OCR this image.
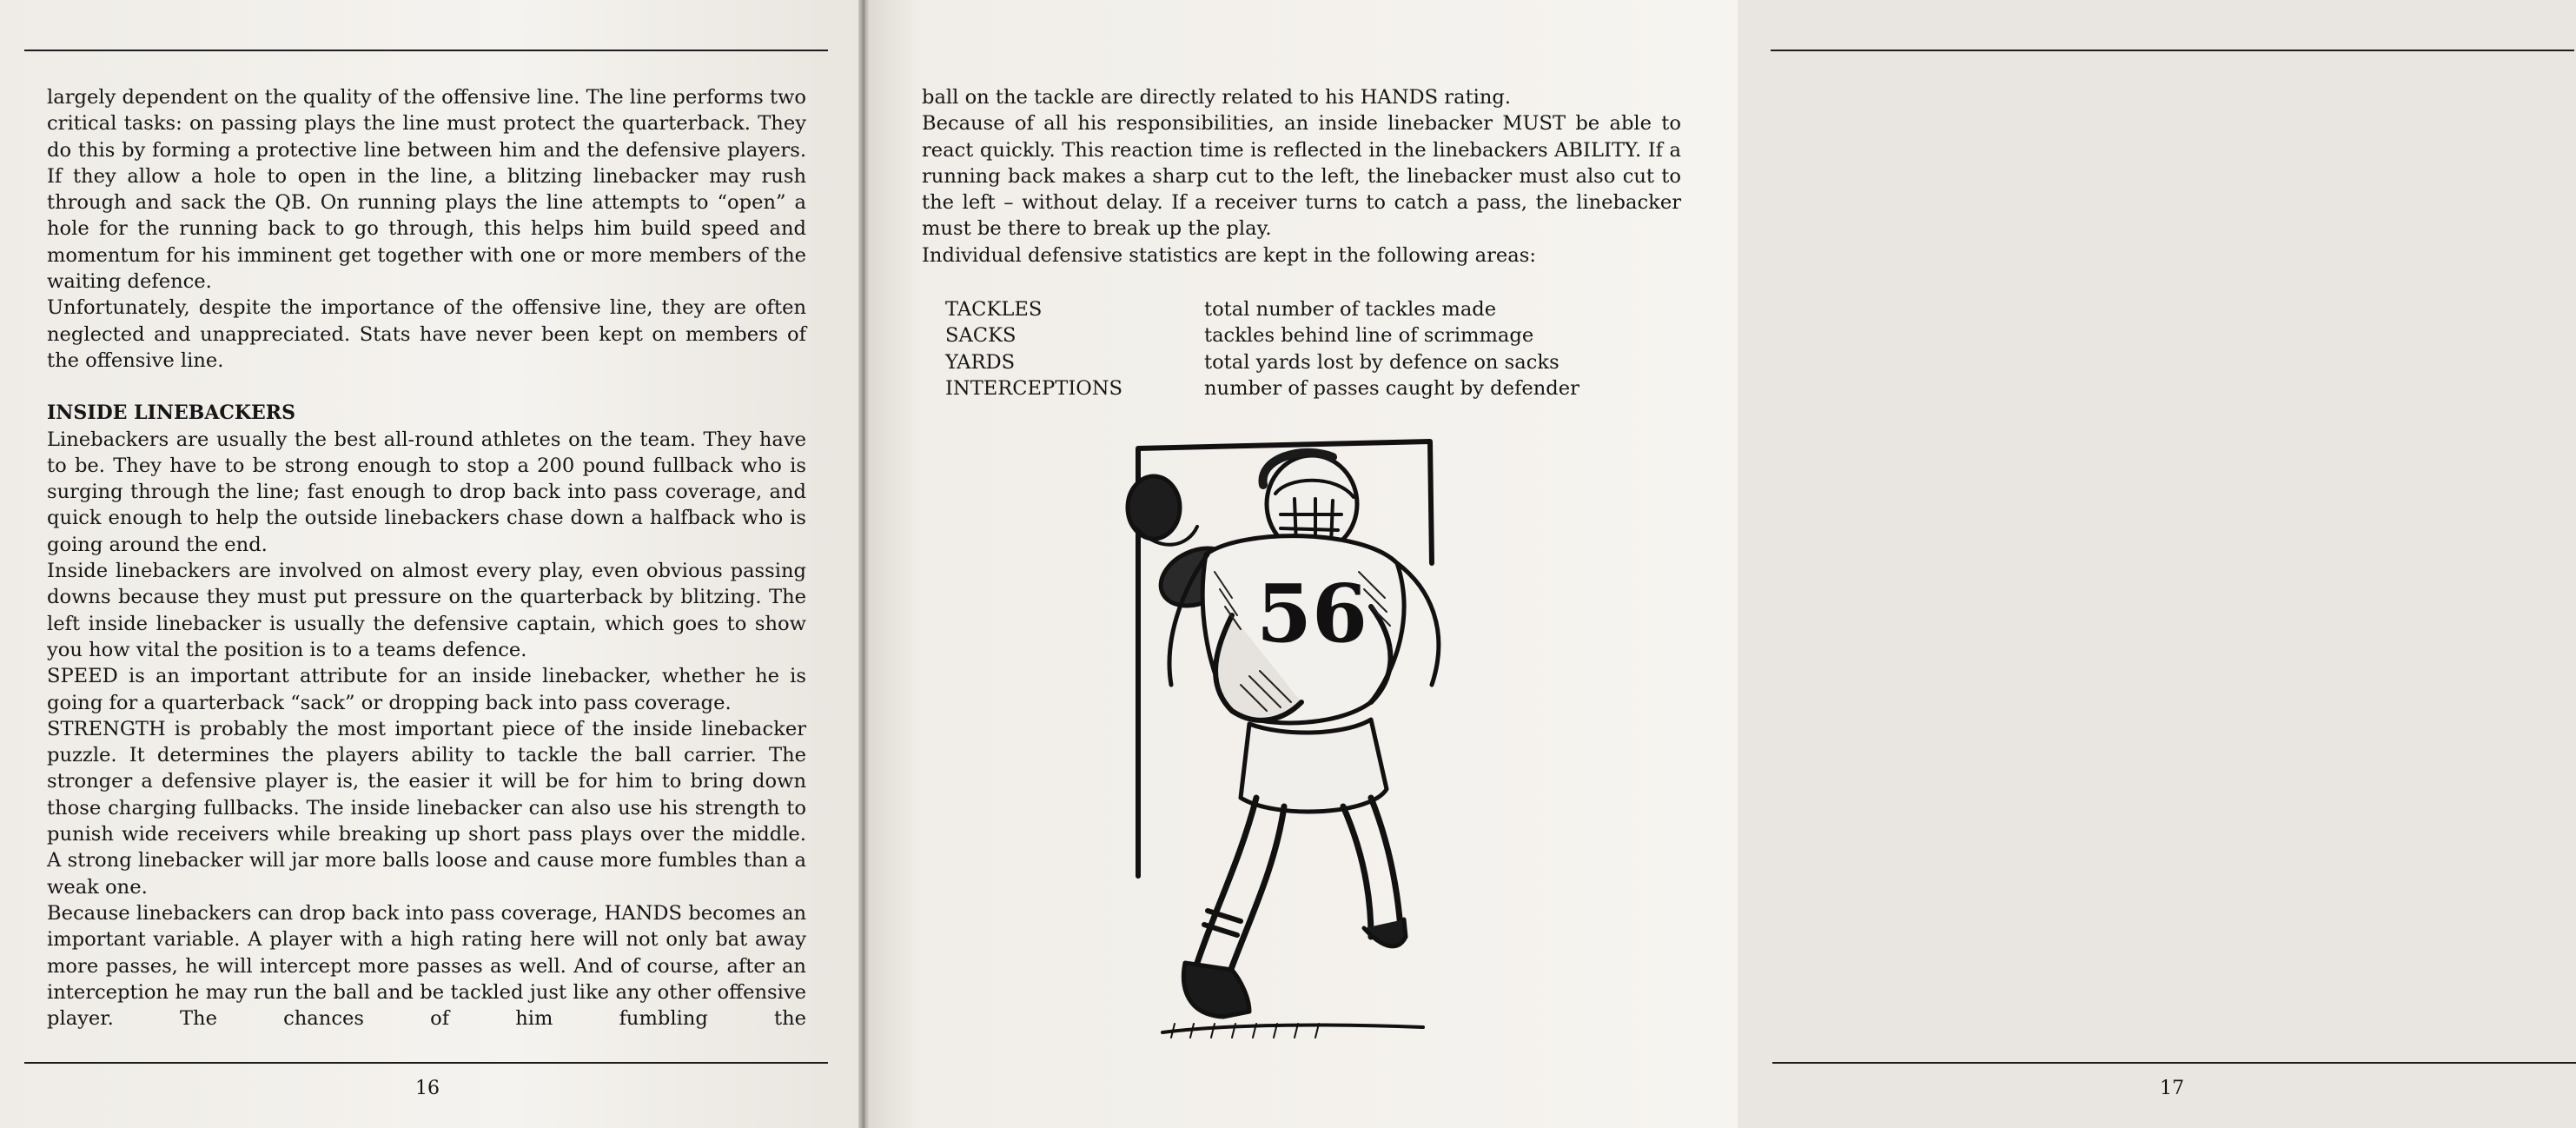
largely dependent on the quality of the offensive line. The line performs two critical tasks: on passing plays the line must protect the quarterback. They do this by forming a protective line between him and the defensive players. If they allow a hole to open in the line, a blitzing linebacker may rush through and sack the QB. On running plays the line attempts to “open” a hole for the running back to go through, this helps him build speed and momentum for his imminent get together with one or more members of the waiting defence.

Unfortunately, despite the importance of the offensive line, they are often neglected and unappreciated. Stats have never been kept on members of the offensive line.

INSIDE LINEBACKERS

Linebackers are usually the best all-round athletes on the team. They have to be. They have to be strong enough to stop a 200 pound fullback who is surging through the line; fast enough to drop back into pass coverage, and quick enough to help the outside linebackers chase down a halfback who is going around the end.

Inside linebackers are involved on almost every play, even obvious passing downs because they must put pressure on the quarterback by blitzing. The left inside linebacker is usually the defensive captain, which goes to show you how vital the position is to a teams defence.

SPEED is an important attribute for an inside linebacker, whether he is going for a quarterback “sack” or dropping back into pass coverage.

STRENGTH is probably the most important piece of the inside linebacker puzzle. It determines the players ability to tackle the ball carrier. The stronger a defensive player is, the easier it will be for him to bring down those charging fullbacks. The inside linebacker can also use his strength to punish wide receivers while breaking up short pass plays over the middle. A strong linebacker will jar more balls loose and cause more fumbles than a weak one.

Because linebackers can drop back into pass coverage, HANDS becomes an important variable. A player with a high rating here will not only bat away more passes, he will intercept more passes as well. And of course, after an interception he may run the ball and be tackled just like any other offensive player. The chances of him fumbling the

16	17

ball on the tackle are directly related to his HANDS rating.

Because of all his responsibilities, an inside linebacker MUST be able to react quickly. This reaction time is reflected in the linebackers ABILITY. If a running back makes a sharp cut to the left, the linebacker must also cut to the left – without delay. If a receiver turns to catch a pass, the linebacker must be there to break up the play.

Individual defensive statistics are kept in the following areas:

TACKLES	total number of tackles made
SACKS	tackles behind line of scrimmage
YARDS	total yards lost by defence on sacks
INTERCEPTIONS	number of passes caught by defender
56
